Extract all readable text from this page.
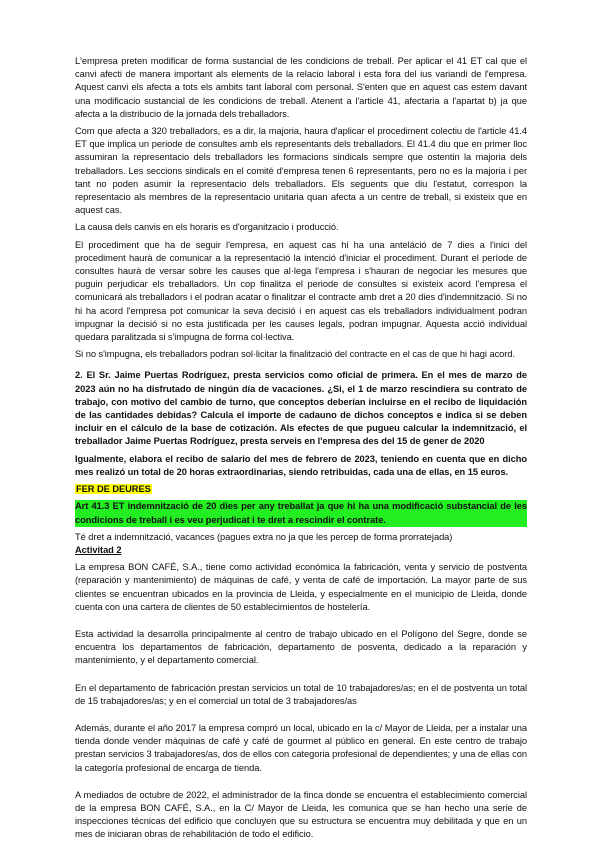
L'empresa preten modificar de forma sustancial de les condicions de treball. Per aplicar el 41 ET cal que el canvi afecti de manera important als elements de la relacio laboral i esta fora del ius variandi de l'empresa. Aquest canvi els afecta a tots els ambits tant laboral com personal. S'enten que en aquest cas estem davant una modificacio sustancial de les condicions de treball. Atenent a l'article 41, afectaria a l'apartat b) ja que afecta a la distribucio de la jornada dels treballadors.

Com que afecta a 320 treballadors, es a dir, la majoria, haura d'aplicar el procediment colectiu de l'article 41.4 ET que implica un periode de consultes amb els representants dels treballadors. El 41.4 diu que en primer lloc assumiran la representacio dels treballadors les formacions sindicals sempre que ostentin la majoria dels treballadors. Les seccions sindicals en el comité d'empresa tenen 6 representants, pero no es la majoria i per tant no poden asumir la representacio dels treballadors. Els seguents que diu l'estatut, correspon la representacio als membres de la representacio unitaria quan afecta a un centre de treball, si existeix que en aquest cas.

La causa dels canvis en els horaris es d'organitzacio i producció.

El procediment que ha de seguir l'empresa, en aquest cas hi ha una anteláció de 7 dies a l'inici del procediment haurà de comunicar a la representació la intenció d'iniciar el procediment. Durant el període de consultes haurà de versar sobre les causes que al·lega l'empresa i s'hauran de negociar les mesures que puguin perjudicar els treballadors. Un cop finalitza el periode de consultes si existeix acord l'empresa el comunicará als treballadors i el podran acatar o finalitzar el contracte amb dret a 20 dies d'indemnització. Si no hi ha acord l'empresa pot comunicar la seva decisió i en aquest cas els treballadors individualment podran impugnar la decisió si no esta justificada per les causes legals, podran impugnar. Aquesta acció individual quedara paralitzada si s'impugna de forma col·lectiva.

Si no s'impugna, els treballadors podran sol·licitar la finalització del contracte en el cas de que hi hagi acord.

2. El Sr. Jaime Puertas Rodríguez, presta servicios como oficial de primera. En el mes de marzo de 2023 aún no ha disfrutado de ningún día de vacaciones. ¿Si, el 1 de marzo rescindiera su contrato de trabajo, con motivo del cambio de turno, que conceptos deberían incluirse en el recibo de liquidación de las cantidades debidas? Calcula el importe de cadauno de dichos conceptos e indica si se deben incluir en el cálculo de la base de cotización. Als efectes de que pugueu calcular la indemnització, el treballador Jaime Puertas Rodríguez, presta serveis en l'empresa des del 15 de gener de 2020

Igualmente, elabora el recibo de salario del mes de febrero de 2023, teniendo en cuenta que en dicho mes realizó un total de 20 horas extraordinarias, siendo retribuidas, cada una de ellas, en 15 euros.

FER DE DEURES

Art 41.3 ET indemnització de 20 dies per any treballat ja que hi ha una modificació substancial de les condicions de treball i es veu perjudicat i te dret a rescindir el contrate.

Té dret a indemnització, vacances (pagues extra no ja que les percep de forma prorratejada)

Activitad 2

La empresa BON CAFÉ, S.A., tiene como actividad económica la fabricación, venta y servicio de postventa (reparación y mantenimiento) de máquinas de café, y venta de café de importación. La mayor parte de sus clientes se encuentran ubicados en la provincia de Lleida, y especialmente en el municipio de Lleida, donde cuenta con una cartera de clientes de 50 establecimientos de hostelería.

Esta actividad la desarrolla principalmente al centro de trabajo ubicado en el Polígono del Segre, donde se encuentra los departamentos de fabricación, departamento de posventa, dedicado a la reparación y mantenimiento, y el departamento comercial.

En el departamento de fabricación prestan servicios un total de 10 trabajadores/as; en el de postventa un total de 15 trabajadores/as; y en el comercial un total de 3 trabajadores/as

Además, durante el año 2017 la empresa compró un local, ubicado en la c/ Mayor de Lleida, per a instalar una tienda donde vender máquinas de café y café de gourmet al público en general. En este centro de trabajo prestan servicios 3 trabajadores/as, dos de ellos con categoria profesional de dependientes; y una de ellas con la categoría profesional de encarga de tienda.

A mediados de octubre de 2022, el administrador de la finca donde se encuentra el establecimiento comercial de la empresa BON CAFÉ, S.A., en la C/ Mayor de Lleida, les comunica que se han hecho una serie de inspecciones técnicas del edificio que concluyen que su estructura se encuentra muy debilitada y que en un mes de iniciaran obras de rehabilitación de todo el edificio.
